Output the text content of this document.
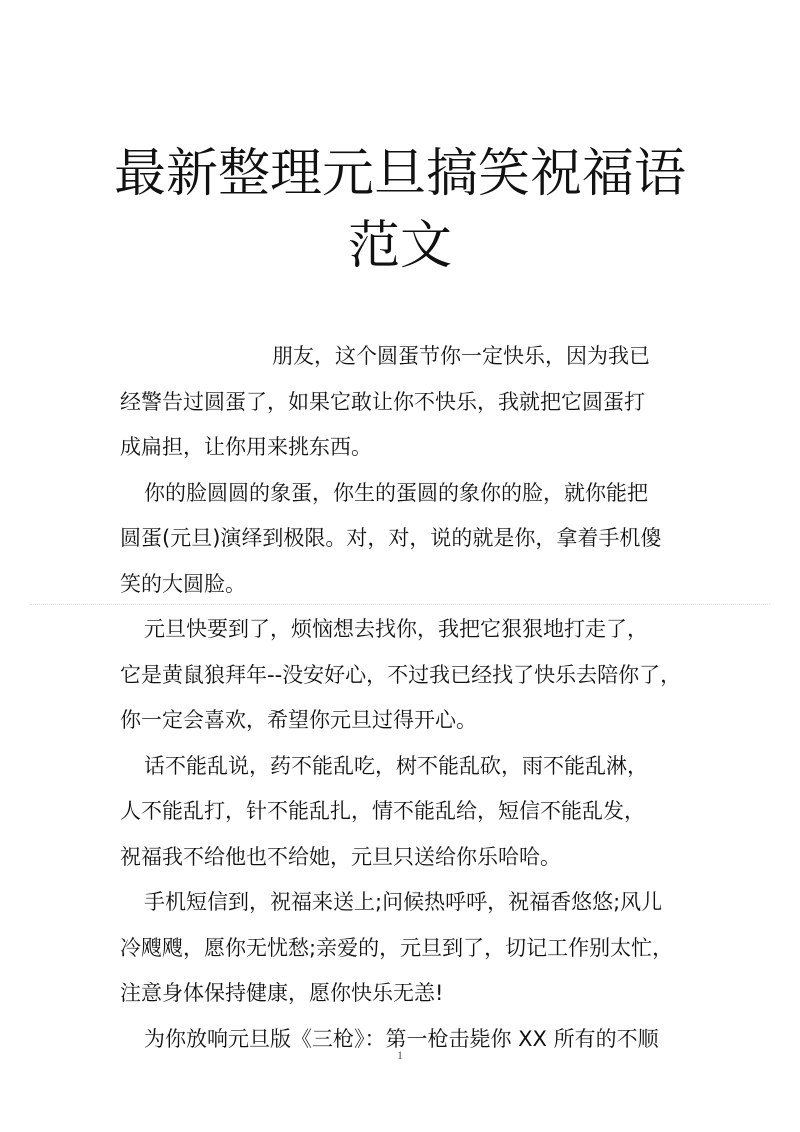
最新整理元旦搞笑祝福语
范文
朋友，这个圆蛋节你一定快乐，因为我已
经警告过圆蛋了，如果它敢让你不快乐，我就把它圆蛋打
成扁担，让你用来挑东西。
你的脸圆圆的象蛋，你生的蛋圆的象你的脸，就你能把
圆蛋(元旦)演绎到极限。对，对，说的就是你，拿着手机傻
笑的大圆脸。
元旦快要到了，烦恼想去找你，我把它狠狠地打走了，
它是黄鼠狼拜年--没安好心，不过我已经找了快乐去陪你了，
你一定会喜欢，希望你元旦过得开心。
话不能乱说，药不能乱吃，树不能乱砍，雨不能乱淋，
人不能乱打，针不能乱扎，情不能乱给，短信不能乱发，
祝福我不给他也不给她，元旦只送给你乐哈哈。
手机短信到，祝福来送上;问候热呼呼，祝福香悠悠;风儿
冷飕飕，愿你无忧愁;亲爱的，元旦到了，切记工作别太忙，
注意身体保持健康，愿你快乐无恙!
为你放响元旦版《三枪》：第一枪击毙你 XX 所有的不顺
1
